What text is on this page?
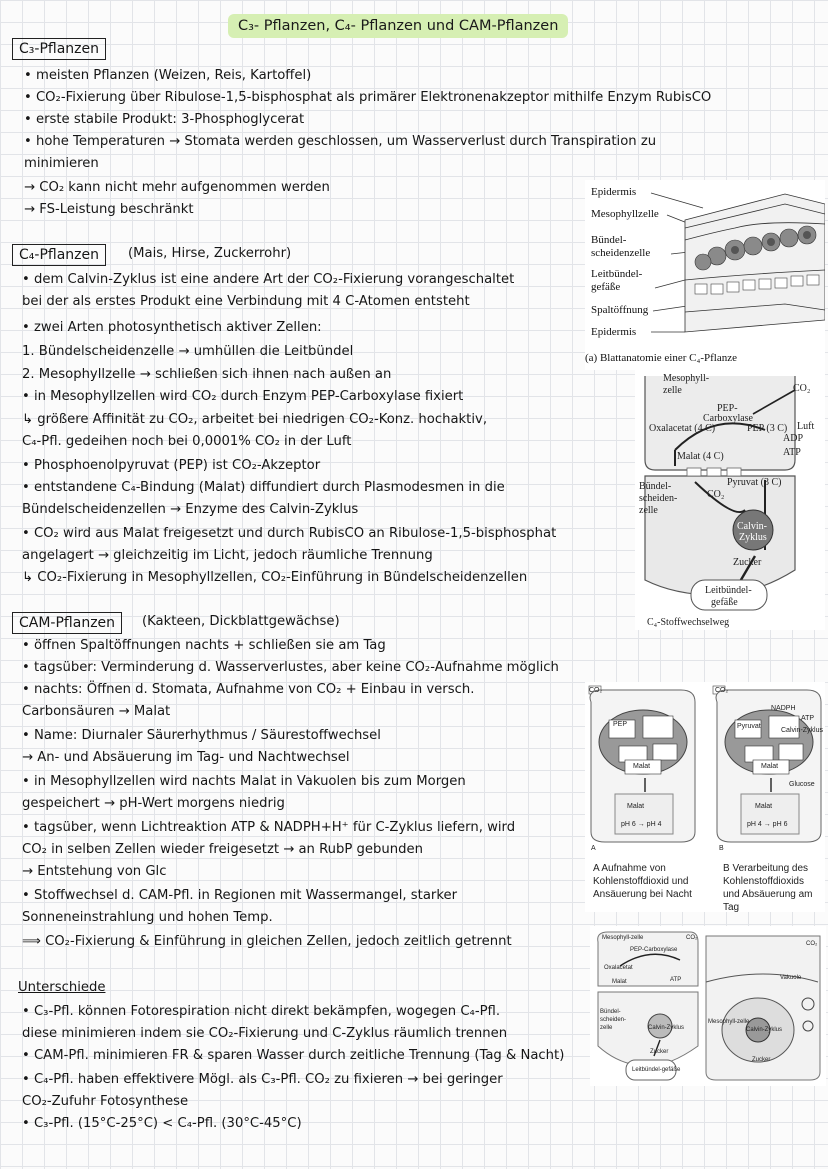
C₃- Pflanzen, C₄- Pflanzen und CAM-Pflanzen
C₃-Pflanzen
• meisten Pflanzen (Weizen, Reis, Kartoffel)
• CO₂-Fixierung über Ribulose-1,5-bisphosphat als primärer Elektronenakzeptor mithilfe Enzym RubisCO
• erste stabile Produkt: 3-Phosphoglycerat
• hohe Temperaturen → Stomata werden geschlossen, um Wasserverlust durch Transpiration zu
minimieren
→ CO₂ kann nicht mehr aufgenommen werden
→ FS-Leistung beschränkt
C₄-Pflanzen	(Mais, Hirse, Zuckerrohr)
• dem Calvin-Zyklus ist eine andere Art der CO₂-Fixierung vorangeschaltet
bei der als erstes Produkt eine Verbindung mit 4 C-Atomen entsteht
• zwei Arten photosynthetisch aktiver Zellen:
1. Bündelscheidenzelle → umhüllen die Leitbündel
2. Mesophyllzelle → schließen sich ihnen nach außen an
• in Mesophyllzellen wird CO₂ durch Enzym PEP-Carboxylase fixiert
↳ größere Affinität zu CO₂, arbeitet bei niedrigen CO₂-Konz. hochaktiv,
C₄-Pfl. gedeihen noch bei 0,0001% CO₂ in der Luft
• Phosphoenolpyruvat (PEP) ist CO₂-Akzeptor
• entstandene C₄-Bindung (Malat) diffundiert durch Plasmodesmen in die
Bündelscheidenzellen → Enzyme des Calvin-Zyklus
• CO₂ wird aus Malat freigesetzt und durch RubisCO an Ribulose-1,5-bisphosphat
angelagert → gleichzeitig im Licht, jedoch räumliche Trennung
↳ CO₂-Fixierung in Mesophyllzellen, CO₂-Einführung in Bündelscheidenzellen
CAM-Pflanzen	(Kakteen, Dickblattgewächse)
• öffnen Spaltöffnungen nachts + schließen sie am Tag
• tagsüber: Verminderung d. Wasserverlustes, aber keine CO₂-Aufnahme möglich
• nachts: Öffnen d. Stomata, Aufnahme von CO₂ + Einbau in versch.
Carbonsäuren → Malat
• Name: Diurnaler Säurerhythmus / Säurestoffwechsel
→ An- und Absäuerung im Tag- und Nachtwechsel
• in Mesophyllzellen wird nachts Malat in Vakuolen bis zum Morgen
gespeichert → pH-Wert morgens niedrig
• tagsüber, wenn Lichtreaktion ATP & NADPH+H⁺ für C-Zyklus liefern, wird
CO₂ in selben Zellen wieder freigesetzt → an RubP gebunden
→ Entstehung von Glc
• Stoffwechsel d. CAM-Pfl. in Regionen mit Wassermangel, starker
Sonneneinstrahlung und hohen Temp.
⟹ CO₂-Fixierung & Einführung in gleichen Zellen, jedoch zeitlich getrennt
Unterschiede
• C₃-Pfl. können Fotorespiration nicht direkt bekämpfen, wogegen C₄-Pfl.
diese minimieren indem sie CO₂-Fixierung und C-Zyklus räumlich trennen
• CAM-Pfl. minimieren FR & sparen Wasser durch zeitliche Trennung (Tag & Nacht)
• C₄-Pfl. haben effektivere Mögl. als C₃-Pfl. CO₂ zu fixieren → bei geringer
CO₂-Zufuhr Fotosynthese
• C₃-Pfl. (15°C-25°C) < C₄-Pfl. (30°C-45°C)
Epidermis
Mesophyllzelle
Bündel-
scheidenzelle
Leitbündel-
gefäße
Spaltöffnung
Epidermis
(a) Blattanatomie einer C₄-Pflanze
Mesophyll-
zelle	CO₂
Luft
PEP-
Carboxylase
Oxalacetat (4 C)	PEP (3 C)
ADP
ATP
Malat (4 C)
Bündel-
scheiden-
zelle
CO₂
Pyruvat (3 C)
Calvin-
Zyklus
Zucker
Leitbündel-
gefäße
C₄-Stoffwechselweg
CO₂
PEP
Malat
Malat
pH 6 → pH 4
A
CO₂
Pyruvat
Malat
Malat
pH 4 → pH 6
B
Glucose
NADPH
ATP
Calvin-Zyklus
A Aufnahme von
Kohlenstoffdioxid und
Ansäuerung bei Nacht
B Verarbeitung des
Kohlenstoffdioxids
und Absäuerung am
Tag
Mesophyll-zelle
PEP-Carboxylase
Oxalacetat
Malat	ATP
Bündel-scheiden-zelle	Calvin-Zyklus
Zucker
Leitbündel-gefäße
CO₂
Vakuole
Mesophyll-zelle
Calvin-Zyklus
Zucker
CO₂
